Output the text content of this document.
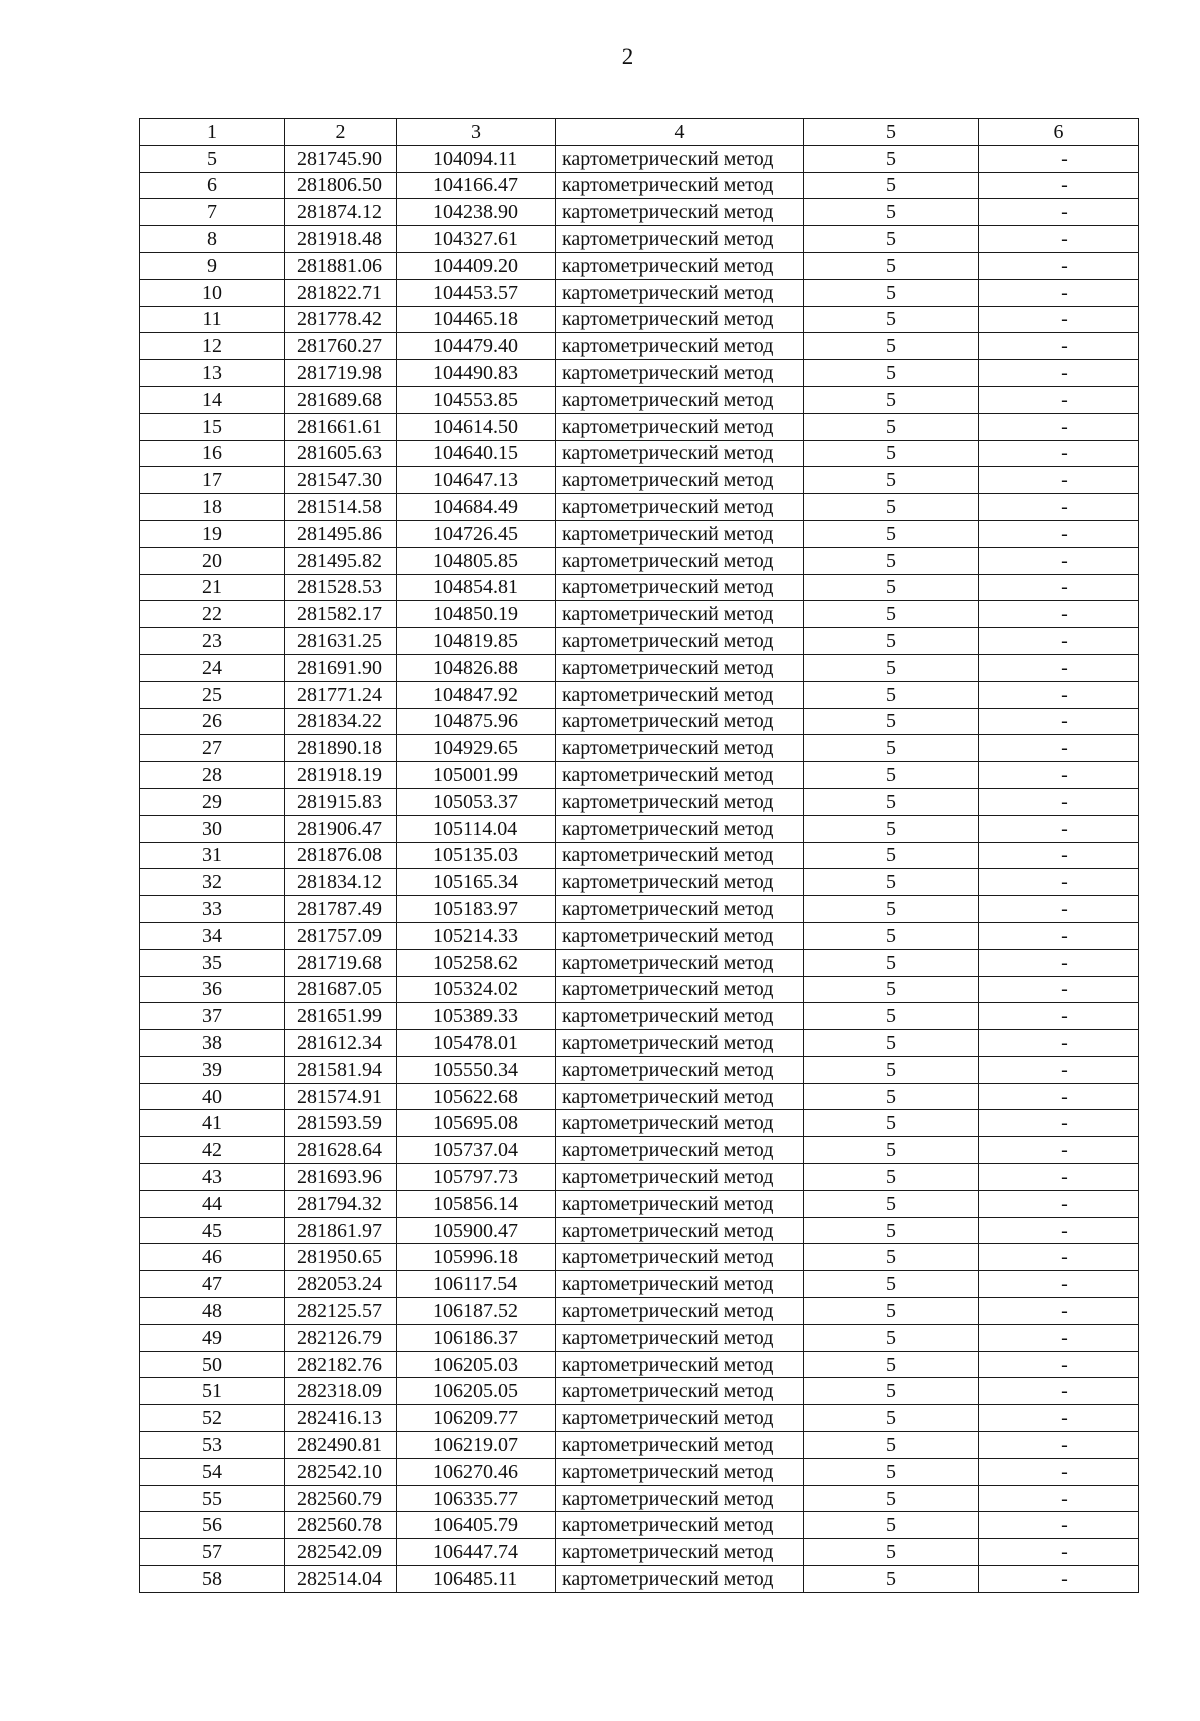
2
1	2	3	4	5	6
5	281745.90	104094.11	картометрический метод	5	-
6	281806.50	104166.47	картометрический метод	5	-
7	281874.12	104238.90	картометрический метод	5	-
8	281918.48	104327.61	картометрический метод	5	-
9	281881.06	104409.20	картометрический метод	5	-
10	281822.71	104453.57	картометрический метод	5	-
11	281778.42	104465.18	картометрический метод	5	-
12	281760.27	104479.40	картометрический метод	5	-
13	281719.98	104490.83	картометрический метод	5	-
14	281689.68	104553.85	картометрический метод	5	-
15	281661.61	104614.50	картометрический метод	5	-
16	281605.63	104640.15	картометрический метод	5	-
17	281547.30	104647.13	картометрический метод	5	-
18	281514.58	104684.49	картометрический метод	5	-
19	281495.86	104726.45	картометрический метод	5	-
20	281495.82	104805.85	картометрический метод	5	-
21	281528.53	104854.81	картометрический метод	5	-
22	281582.17	104850.19	картометрический метод	5	-
23	281631.25	104819.85	картометрический метод	5	-
24	281691.90	104826.88	картометрический метод	5	-
25	281771.24	104847.92	картометрический метод	5	-
26	281834.22	104875.96	картометрический метод	5	-
27	281890.18	104929.65	картометрический метод	5	-
28	281918.19	105001.99	картометрический метод	5	-
29	281915.83	105053.37	картометрический метод	5	-
30	281906.47	105114.04	картометрический метод	5	-
31	281876.08	105135.03	картометрический метод	5	-
32	281834.12	105165.34	картометрический метод	5	-
33	281787.49	105183.97	картометрический метод	5	-
34	281757.09	105214.33	картометрический метод	5	-
35	281719.68	105258.62	картометрический метод	5	-
36	281687.05	105324.02	картометрический метод	5	-
37	281651.99	105389.33	картометрический метод	5	-
38	281612.34	105478.01	картометрический метод	5	-
39	281581.94	105550.34	картометрический метод	5	-
40	281574.91	105622.68	картометрический метод	5	-
41	281593.59	105695.08	картометрический метод	5	-
42	281628.64	105737.04	картометрический метод	5	-
43	281693.96	105797.73	картометрический метод	5	-
44	281794.32	105856.14	картометрический метод	5	-
45	281861.97	105900.47	картометрический метод	5	-
46	281950.65	105996.18	картометрический метод	5	-
47	282053.24	106117.54	картометрический метод	5	-
48	282125.57	106187.52	картометрический метод	5	-
49	282126.79	106186.37	картометрический метод	5	-
50	282182.76	106205.03	картометрический метод	5	-
51	282318.09	106205.05	картометрический метод	5	-
52	282416.13	106209.77	картометрический метод	5	-
53	282490.81	106219.07	картометрический метод	5	-
54	282542.10	106270.46	картометрический метод	5	-
55	282560.79	106335.77	картометрический метод	5	-
56	282560.78	106405.79	картометрический метод	5	-
57	282542.09	106447.74	картометрический метод	5	-
58	282514.04	106485.11	картометрический метод	5	-
